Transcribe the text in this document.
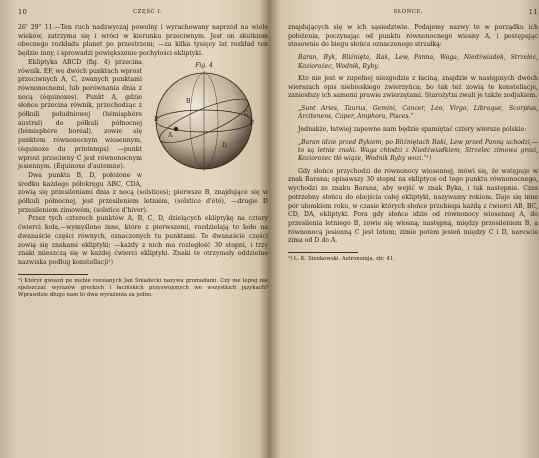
10	CZĘŚĆ I.

26ʹ 29ʺ 11.—Ten ruch nadzwyczaj powolny i wyrachowany naprzód na wiele wieków, zatrzyma się i wróci w kierunku przeciwnym. Jest on skutkiem obecnego rozkładu planet po przestrzeni; —za kilka tysięcy lat rozkład ten będzie inny, i sprowadzi powiększenie pochyłości ekliptyki.

Fig. 4
A
B
C
D
E
F

Ekliptyka ABCD (fig. 4) przecina równik. EF, we dwóch punktach wprost przeciwnych A, C, zwanych punktami równonocnemi, lub porównania dnia z nocą (équinoxes). Punkt A, gdzie słońce przecina równik, przechodząc z półkuli południowej (hémisphère austral) do półkuli północnej (hémisphère boréal), zowie się punktem równonocnym wiosennym, (équinoxe du printemps) —punkt wprost przeciwny C jest równonocnym jesiennym. (Équinoxe d'automne).

Dwa punkta B, D, położone w środku każdego półokręgu ABC, CDA, zowią się przesileniami dnia z nocą (solstices); pierwsze B, znajdujące się w półkuli północnej, jest przesileniem letniém, (solstice d'été), —drugie D przesileniem zimowém, (solstice d'hiver).

Przez tych czterech punktów A, B, C, D, dzielących ekliptykę na cztery ćwierci koła,—wymyślono inne, które z pierwszemi, rozdzielają to koło na dwanaście części równych, oznaczonych tu punktami. Te dwanaście części zowią się znakami ekliptyki; —każdy z nich ma rozległość 30 stopni, i trzy znaki mieszczą się w każdej ćwierci ekliptyki. Znaki te otrzymały oddzielne nazwiska podług konstellacji¹)

¹) Któryż gwiazd po niebie rozsianych Jan Śniadecki nazywa gromadami. Czy nie lepiej nie spolszczać wyrazów greckich i łacińskich przyswojonych we wszystkich językach? Wprawdzie długo nam to dwa wyrażenia za jedno.

SŁOŃCE.	11

znajdujących się w ich sąsiedztwie. Podajemy nazwy te w porządku ich położenia, poczynając od punktu równonocnego wiosny A, i postępując stosownie do biegu słońca oznaczonego strzałką:

Baran, Byk, Bliźnięta, Rak, Lew, Panna, Waga, Niedźwiadek, Strzelec, Koziorożec, Wodnik, Ryby.

Kto nie jest w zupełnej niezgodzie z łaciną, znajdzie w następnych dwóch wierszach opis niebieskiego zwierzyńca; bo tak też zowią te konstellacje, zaniosłszy ich samemi prawie zwierzętami. Starożytni zwali je także zodjakiem.

„Sunt Aries, Taurus, Gemini, Cancer, Leo, Virgo, Libraque, Scorpius, Arcitenens, Caper, Amphora, Pisces.“

Jednakże, łatwiej zapewne nam będzie spamiętać cztery wiersze polskie:

„Baran idzie przed Bykiem, po Bliźniętach Raki, Lew przed Panną uchodzi,—to są letnie znaki. Waga chłodzi z Niedźwiadkiem, Strzelec zimowa grozi, Koziorożec tłó wiąże, Wodnik Ryby wozi.“¹)

Gdy słońce przychodzi do równonocy wiosennej, mówi się, że wstępuje w znak Barana; opisawszy 30 stopni na ekliptyce od tego punktu równonocnego, wychodzi ze znaku Barana, aby wejść w znak Byka, i tak następnie. Czas potrzebny słońcu do obejścia całej ekliptyki, nazywamy rokiem. Daje się inne pór ułomkiem roku, w czasie których słońce przebiega każdą z ćwierci AB, BC, CD, DA, ekliptyki. Pora gdy słońce idzie od równonocy wiosennej A, do przesilenia letniego B, zowie się wiosną; następną, między przesileniem B, a równonocą jesienną C jest latem; zimie potém jesień między C i D, narescie zima od D do A.

¹) L. K. Sienkowski. Astronomja, str. 41.
